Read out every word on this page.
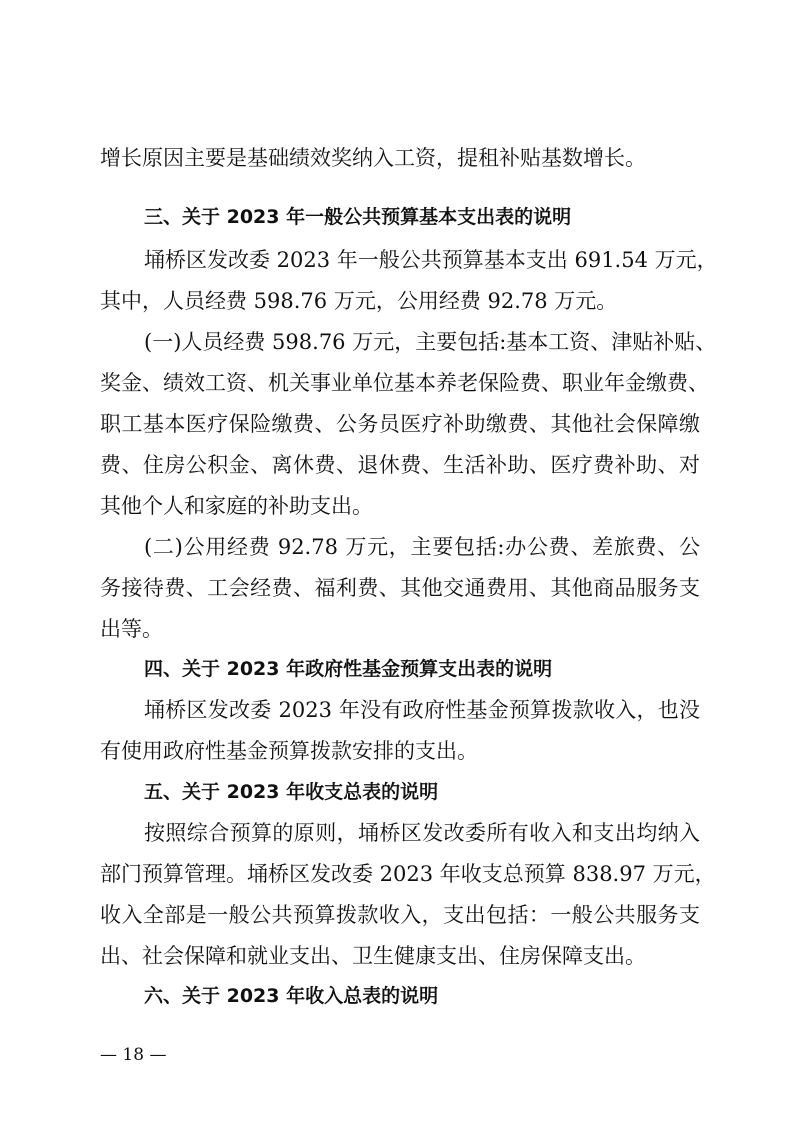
增长原因主要是基础绩效奖纳入工资，提租补贴基数增长。
三、关于 2023 年一般公共预算基本支出表的说明
埇桥区发改委 2023 年一般公共预算基本支出 691.54 万元，
其中，人员经费 598.76 万元，公用经费 92.78 万元。
(一)人员经费 598.76 万元，主要包括:基本工资、津贴补贴、
奖金、绩效工资、机关事业单位基本养老保险费、职业年金缴费、
职工基本医疗保险缴费、公务员医疗补助缴费、其他社会保障缴
费、住房公积金、离休费、退休费、生活补助、医疗费补助、对
其他个人和家庭的补助支出。
(二)公用经费 92.78 万元，主要包括:办公费、差旅费、公
务接待费、工会经费、福利费、其他交通费用、其他商品服务支
出等。
四、关于 2023 年政府性基金预算支出表的说明
埇桥区发改委 2023 年没有政府性基金预算拨款收入，也没
有使用政府性基金预算拨款安排的支出。
五、关于 2023 年收支总表的说明
按照综合预算的原则，埇桥区发改委所有收入和支出均纳入
部门预算管理。埇桥区发改委 2023 年收支总预算 838.97 万元，
收入全部是一般公共预算拨款收入，支出包括：一般公共服务支
出、社会保障和就业支出、卫生健康支出、住房保障支出。
六、关于 2023 年收入总表的说明
— 18 —
